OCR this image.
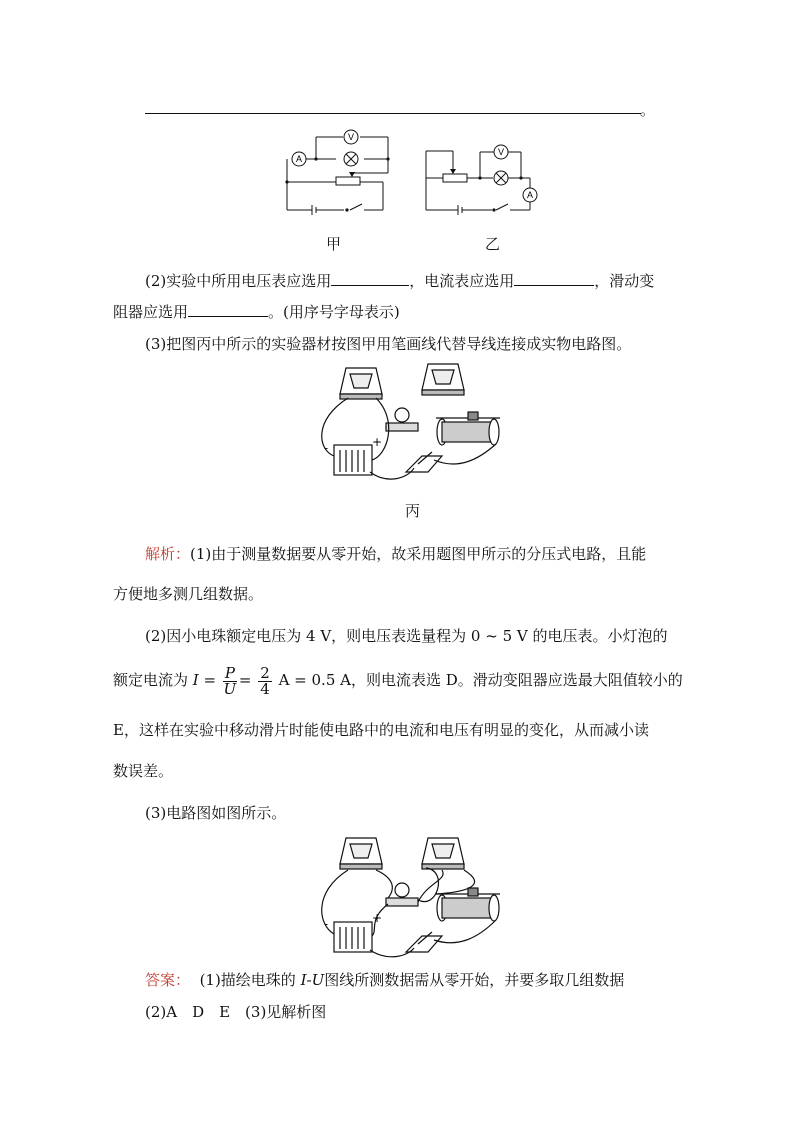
。
V
A
V
A
甲	乙
(2)实验中所用电压表应选用	，电流表应选用	，滑动变
阻器应选用	。(用序号字母表示)
(3)把图丙中所示的实验器材按图甲用笔画线代替导线连接成实物电路图。
-	+
丙
解析：(1)由于测量数据要从零开始，故采用题图甲所示的分压式电路，且能
方便地多测几组数据。
(2)因小电珠额定电压为 4 V，则电压表选量程为 0 ~ 5 V 的电压表。小灯泡的
额定电流为 $I = \frac{P}{U} = \frac{2}{4}$ A = 0.5 A，则电流表选 D。滑动变阻器应选最大阻值较小的
E，这样在实验中移动滑片时能使电路中的电流和电压有明显的变化，从而减小读
数误差。
(3)电路图如图所示。
-	+
答案： (1)描绘电珠的 I-U图线所测数据需从零开始，并要多取几组数据
(2)A　D　E　(3)见解析图
